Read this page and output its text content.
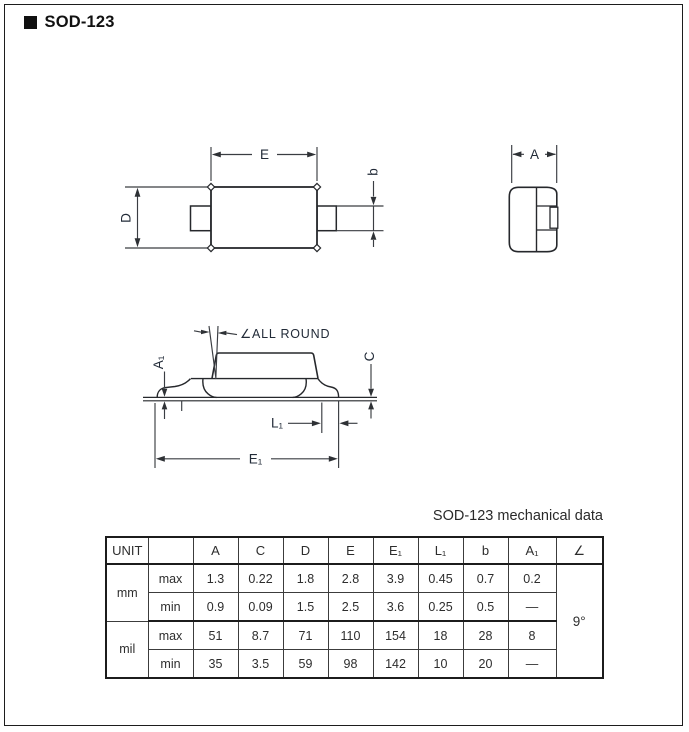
SOD-123
D
E
b
A
∠ALL ROUND
A₁	C
L₁
E₁
SOD-123 mechanical data
UNIT		A	C	D	E	E₁	L₁	b	A₁	∠
mm	max	1.3	0.22	1.8	2.8	3.9	0.45	0.7	0.2	9°
	min	0.9	0.09	1.5	2.5	3.6	0.25	0.5	—	
mil	max	51	8.7	71	110	154	18	28	8	
	min	35	3.5	59	98	142	10	20	—	
